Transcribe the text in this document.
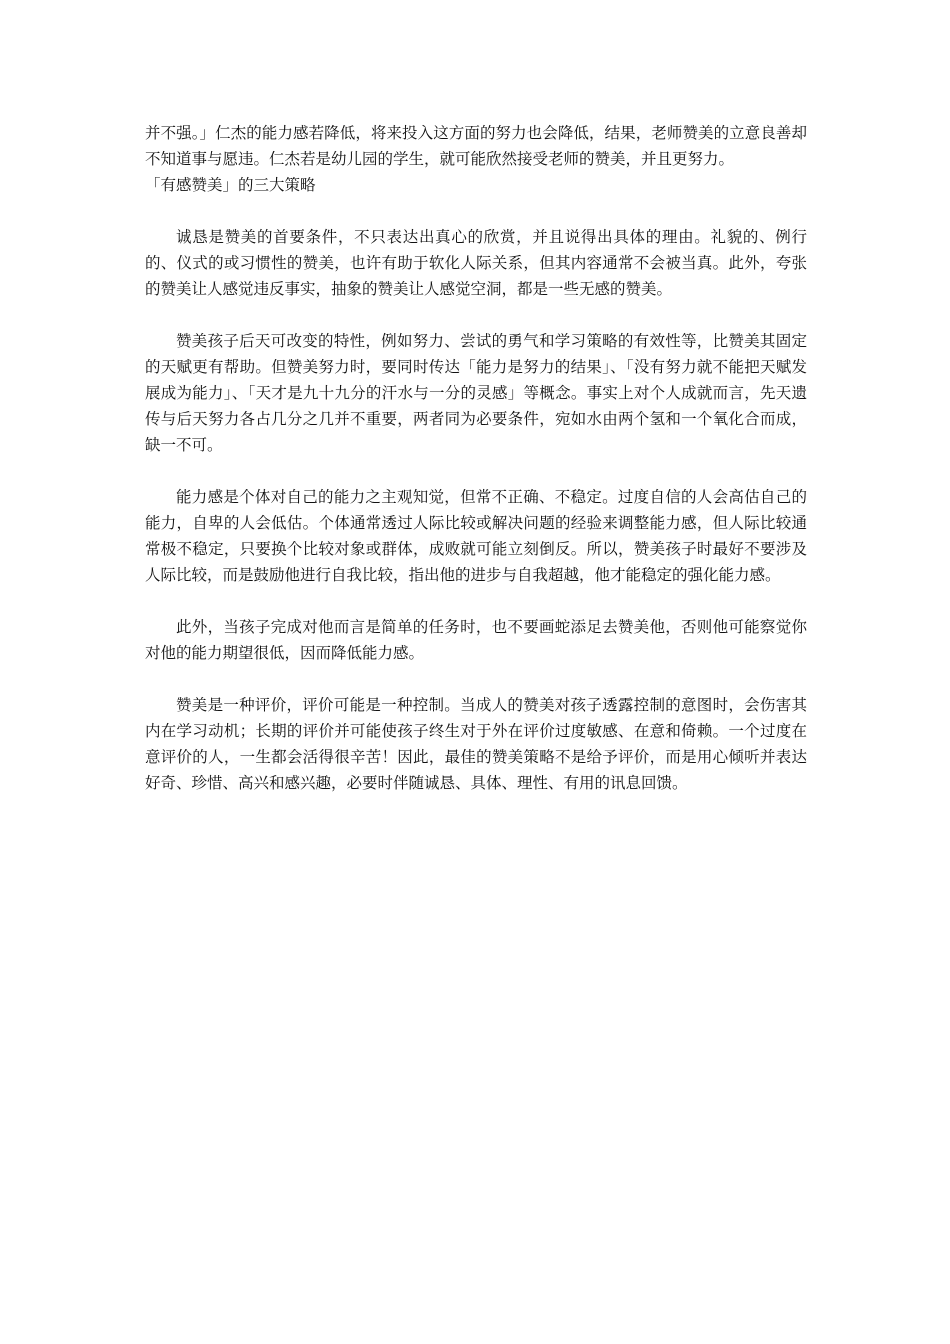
并不强。」仁杰的能力感若降低，将来投入这方面的努力也会降低，结果，老师赞美的立意良善却不知道事与愿违。仁杰若是幼儿园的学生，就可能欣然接受老师的赞美，并且更努力。

「有感赞美」的三大策略

诚恳是赞美的首要条件，不只表达出真心的欣赏，并且说得出具体的理由。礼貌的、例行的、仪式的或习惯性的赞美，也许有助于软化人际关系，但其内容通常不会被当真。此外，夸张的赞美让人感觉违反事实，抽象的赞美让人感觉空洞，都是一些无感的赞美。

赞美孩子后天可改变的特性，例如努力、尝试的勇气和学习策略的有效性等，比赞美其固定的天赋更有帮助。但赞美努力时，要同时传达「能力是努力的结果」、「没有努力就不能把天赋发展成为能力」、「天才是九十九分的汗水与一分的灵感」等概念。事实上对个人成就而言，先天遗传与后天努力各占几分之几并不重要，两者同为必要条件，宛如水由两个氢和一个氧化合而成，缺一不可。

能力感是个体对自己的能力之主观知觉，但常不正确、不稳定。过度自信的人会高估自己的能力，自卑的人会低估。个体通常透过人际比较或解决问题的经验来调整能力感，但人际比较通常极不稳定，只要换个比较对象或群体，成败就可能立刻倒反。所以，赞美孩子时最好不要涉及人际比较，而是鼓励他进行自我比较，指出他的进步与自我超越，他才能稳定的强化能力感。

此外，当孩子完成对他而言是简单的任务时，也不要画蛇添足去赞美他，否则他可能察觉你对他的能力期望很低，因而降低能力感。

赞美是一种评价，评价可能是一种控制。当成人的赞美对孩子透露控制的意图时，会伤害其内在学习动机；长期的评价并可能使孩子终生对于外在评价过度敏感、在意和倚赖。一个过度在意评价的人，一生都会活得很辛苦！因此，最佳的赞美策略不是给予评价，而是用心倾听并表达好奇、珍惜、高兴和感兴趣，必要时伴随诚恳、具体、理性、有用的讯息回馈。
